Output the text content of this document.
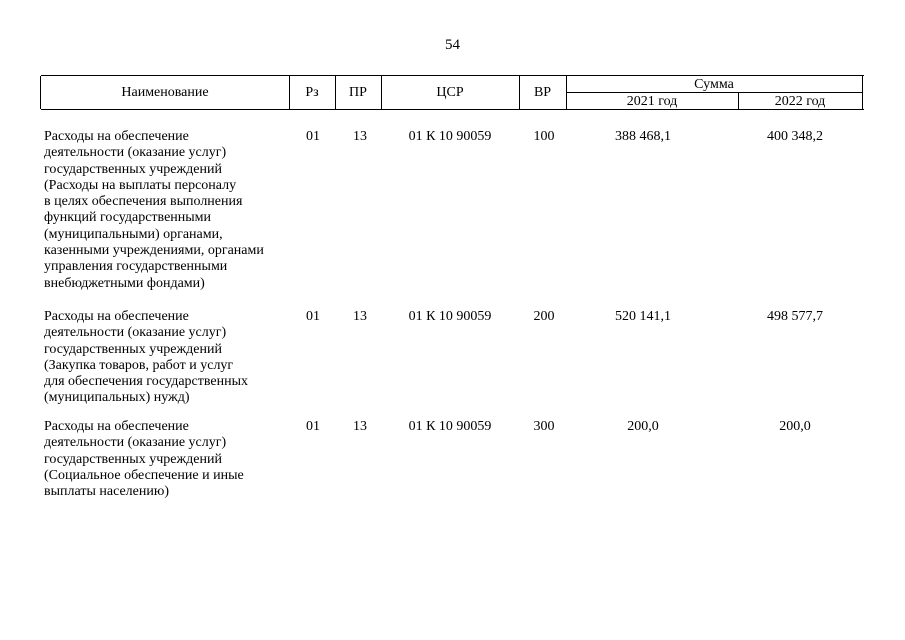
54
Наименование	Рз	ПР	ЦСР	ВР
Сумма
2021 год	2022 год
Расходы на обеспечение
деятельности (оказание услуг)
государственных учреждений
(Расходы на выплаты персоналу
в целях обеспечения выполнения
функций государственными
(муниципальными) органами,
казенными учреждениями, органами
управления государственными
внебюджетными фондами)
01	13	01 К 10 90059	100	388 468,1	400 348,2
Расходы на обеспечение
деятельности (оказание услуг)
государственных учреждений
(Закупка товаров, работ и услуг
для обеспечения государственных
(муниципальных) нужд)
01	13	01 К 10 90059	200	520 141,1	498 577,7
Расходы на обеспечение
деятельности (оказание услуг)
государственных учреждений
(Социальное обеспечение и иные
выплаты населению)
01	13	01 К 10 90059	300	200,0	200,0
